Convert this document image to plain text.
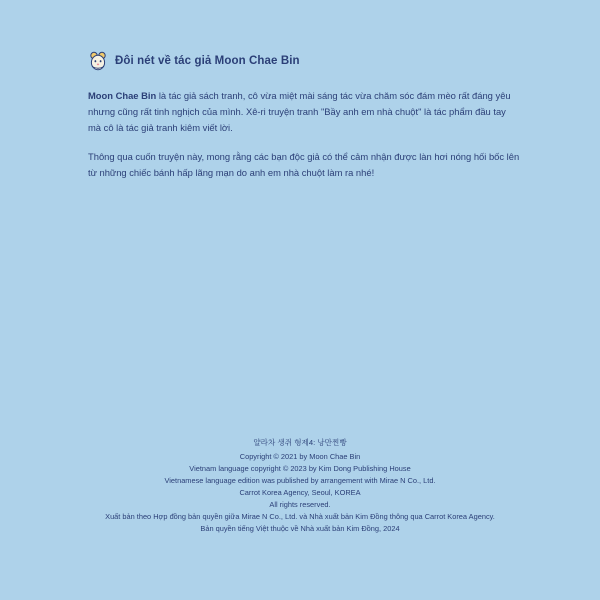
Đôi nét về tác giả Moon Chae Bin

Moon Chae Bin là tác giả sách tranh, cô vừa miệt mài sáng tác vừa chăm sóc đám mèo rất đáng yêu nhưng cũng rất tinh nghịch của mình. Xê-ri truyện tranh "Bầy anh em nhà chuột" là tác phẩm đầu tay mà cô là tác giả tranh kiêm viết lời.

Thông qua cuốn truyện này, mong rằng các bạn độc giả có thể cảm nhận được làn hơi nóng hối bốc lên từ những chiếc bánh hấp lãng mạn do anh em nhà chuột làm ra nhé!

얄라차 생쥐 형제4: 낭만찐빵
Copyright © 2021 by Moon Chae Bin
Vietnam language copyright © 2023 by Kim Dong Publishing House
Vietnamese language edition was published by arrangement with Mirae N Co., Ltd.
Carrot Korea Agency, Seoul, KOREA
All rights reserved.
Xuất bản theo Hợp đồng bản quyền giữa Mirae N Co., Ltd. và Nhà xuất bản Kim Đồng thông qua Carrot Korea Agency.
Bản quyền tiếng Việt thuộc về Nhà xuất bản Kim Đồng, 2024
